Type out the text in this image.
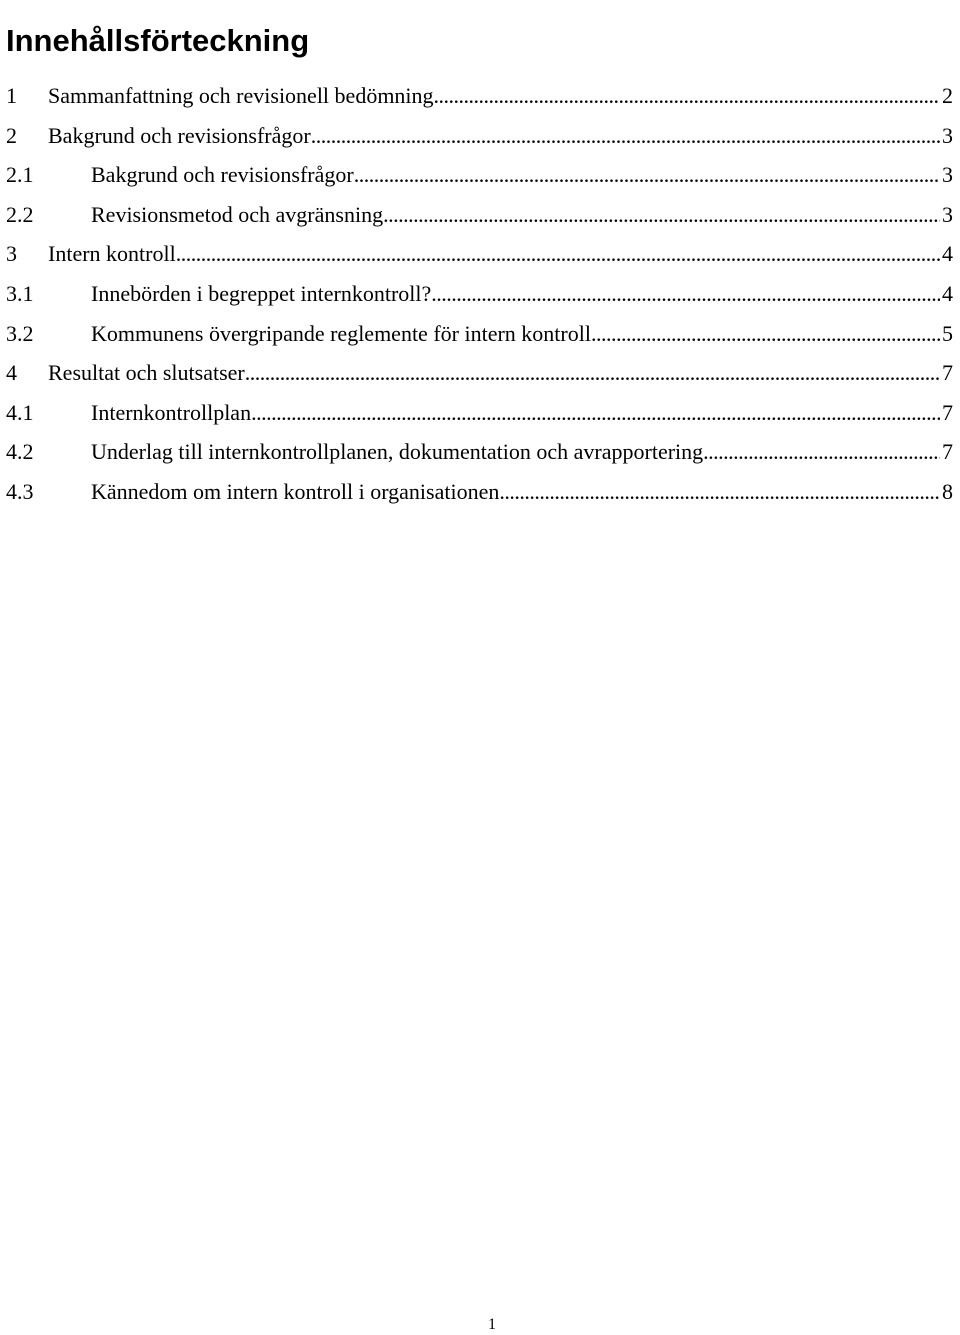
Innehållsförteckning
1 Sammanfattning och revisionell bedömning .....	2
2 Bakgrund och revisionsfrågor .....	3
2.1	Bakgrund och revisionsfrågor .....	3
2.2	Revisionsmetod och avgränsning .....	3
3 Intern kontroll .....	4
3.1	Innebörden i begreppet internkontroll? .....	4
3.2	Kommunens övergripande reglemente för intern kontroll .....	5
4 Resultat och slutsatser .....	7
4.1	Internkontrollplan .....	7
4.2	Underlag till internkontrollplanen, dokumentation och avrapportering .....	7
4.3	Kännedom om intern kontroll i organisationen .....	8
1
